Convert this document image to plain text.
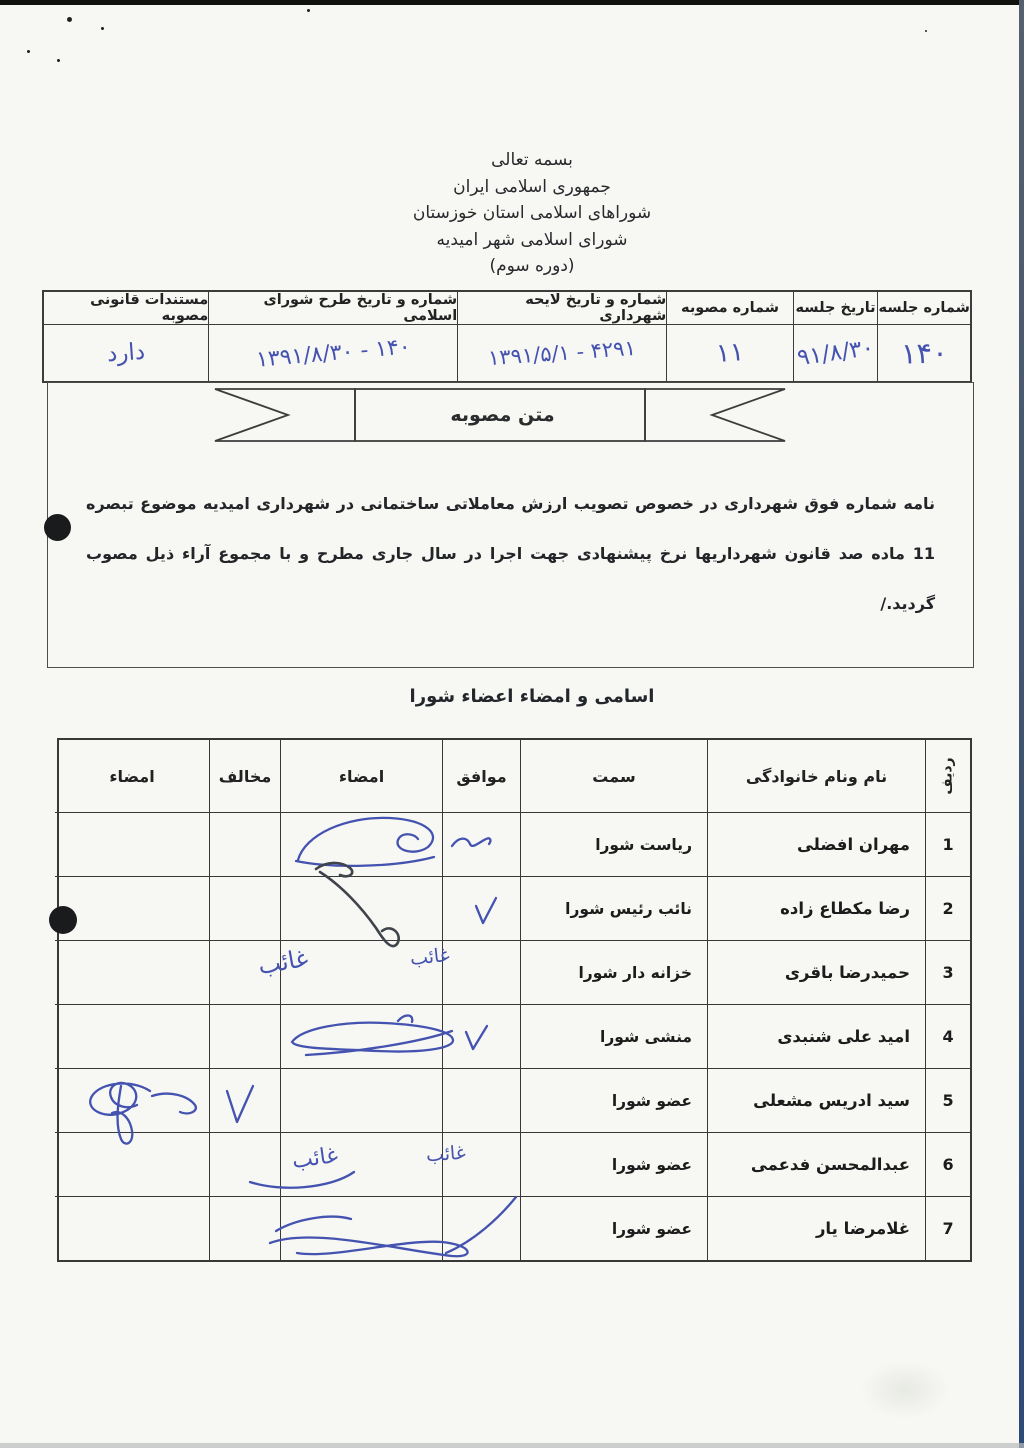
بسمه تعالی
جمهوری اسلامی ایران
شوراهای اسلامی استان خوزستان
شورای اسلامی شهر امیدیه
(دوره سوم)
شماره جلسه
۱۴۰
تاریخ جلسه
۹۱/۸/۳۰
شماره مصوبه
۱۱
شماره و تاریخ لایحه شهرداری
۴۲۹۱ - ۱۳۹۱/۵/۱
شماره و تاریخ طرح شورای اسلامی
۱۴۰ - ۱۳۹۱/۸/۳۰
مستندات قانونی مصوبه
دارد

نامه شماره فوق شهرداری در خصوص تصویب ارزش معاملاتی ساختمانی در شهرداری امیدیه موضوع تبصره 11 ماده صد قانون شهرداریها نرخ پیشنهادی جهت اجرا در سال جاری مطرح و با مجموع آراء ذیل مصوب گردید./

متن مصوبه
اسامی و امضاء اعضاء شورا
ردیف
نام ونام خانوادگی
سمت
موافق
امضاء
مخالف
امضاء
1
مهران افضلی
ریاست شورا
2
رضا مکطاع زاده
نائب رئیس شورا
3
حمیدرضا باقری
خزانه دار شورا
4
امید علی شنبدی
منشی شورا
5
سید ادریس مشعلی
عضو شورا
6
عبدالمحسن فدعمی
عضو شورا
7
غلامرضا یار
عضو شورا
غائب	غائب
غائب	غائب
